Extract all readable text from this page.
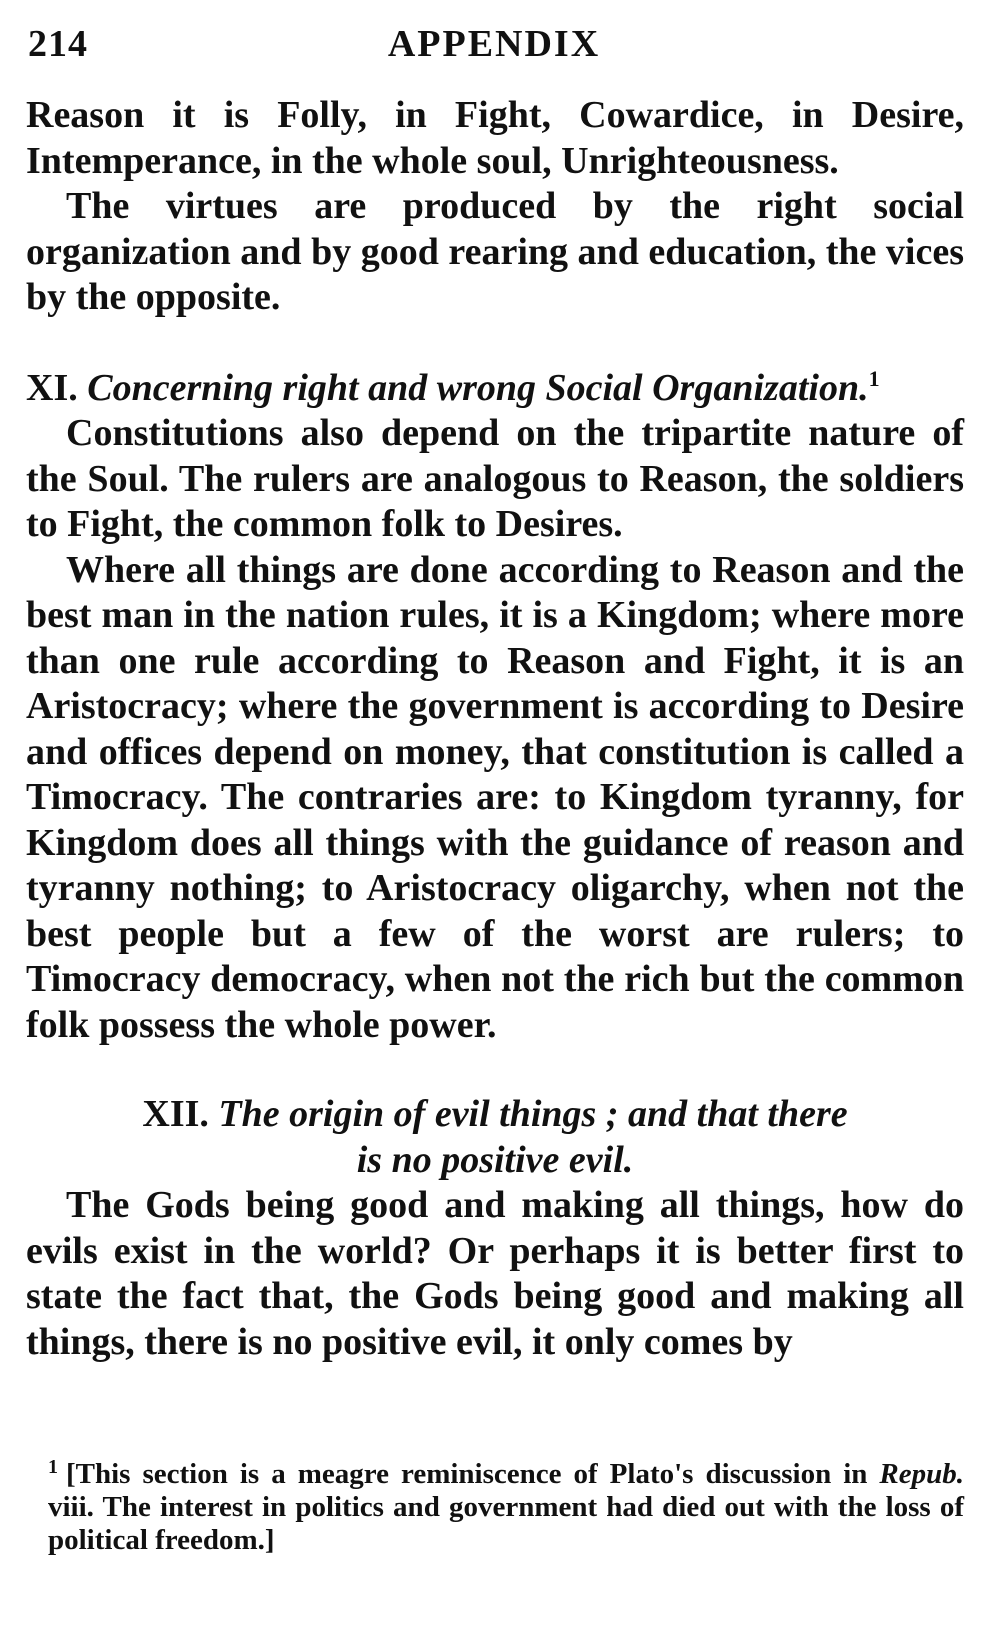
214	APPENDIX

Reason it is Folly, in Fight, Cowardice, in Desire, Intemperance, in the whole soul, Unrighteousness.

The virtues are produced by the right social organization and by good rearing and education, the vices by the opposite.

XI. Concerning right and wrong Social Organization.$^1$

Constitutions also depend on the tripartite nature of the Soul. The rulers are analogous to Reason, the soldiers to Fight, the common folk to Desires.

Where all things are done according to Reason and the best man in the nation rules, it is a Kingdom; where more than one rule according to Reason and Fight, it is an Aristocracy; where the government is according to Desire and offices depend on money, that constitution is called a Timocracy. The contraries are: to Kingdom tyranny, for Kingdom does all things with the guidance of reason and tyranny nothing; to Aristocracy oligarchy, when not the best people but a few of the worst are rulers; to Timocracy democracy, when not the rich but the common folk possess the whole power.

XII. The origin of evil things ; and that there
is no positive evil.

The Gods being good and making all things, how do evils exist in the world? Or perhaps it is better first to state the fact that, the Gods being good and making all things, there is no positive evil, it only comes by

$^1$ [This section is a meagre reminiscence of Plato's discussion in Repub. viii. The interest in politics and government had died out with the loss of political freedom.]
